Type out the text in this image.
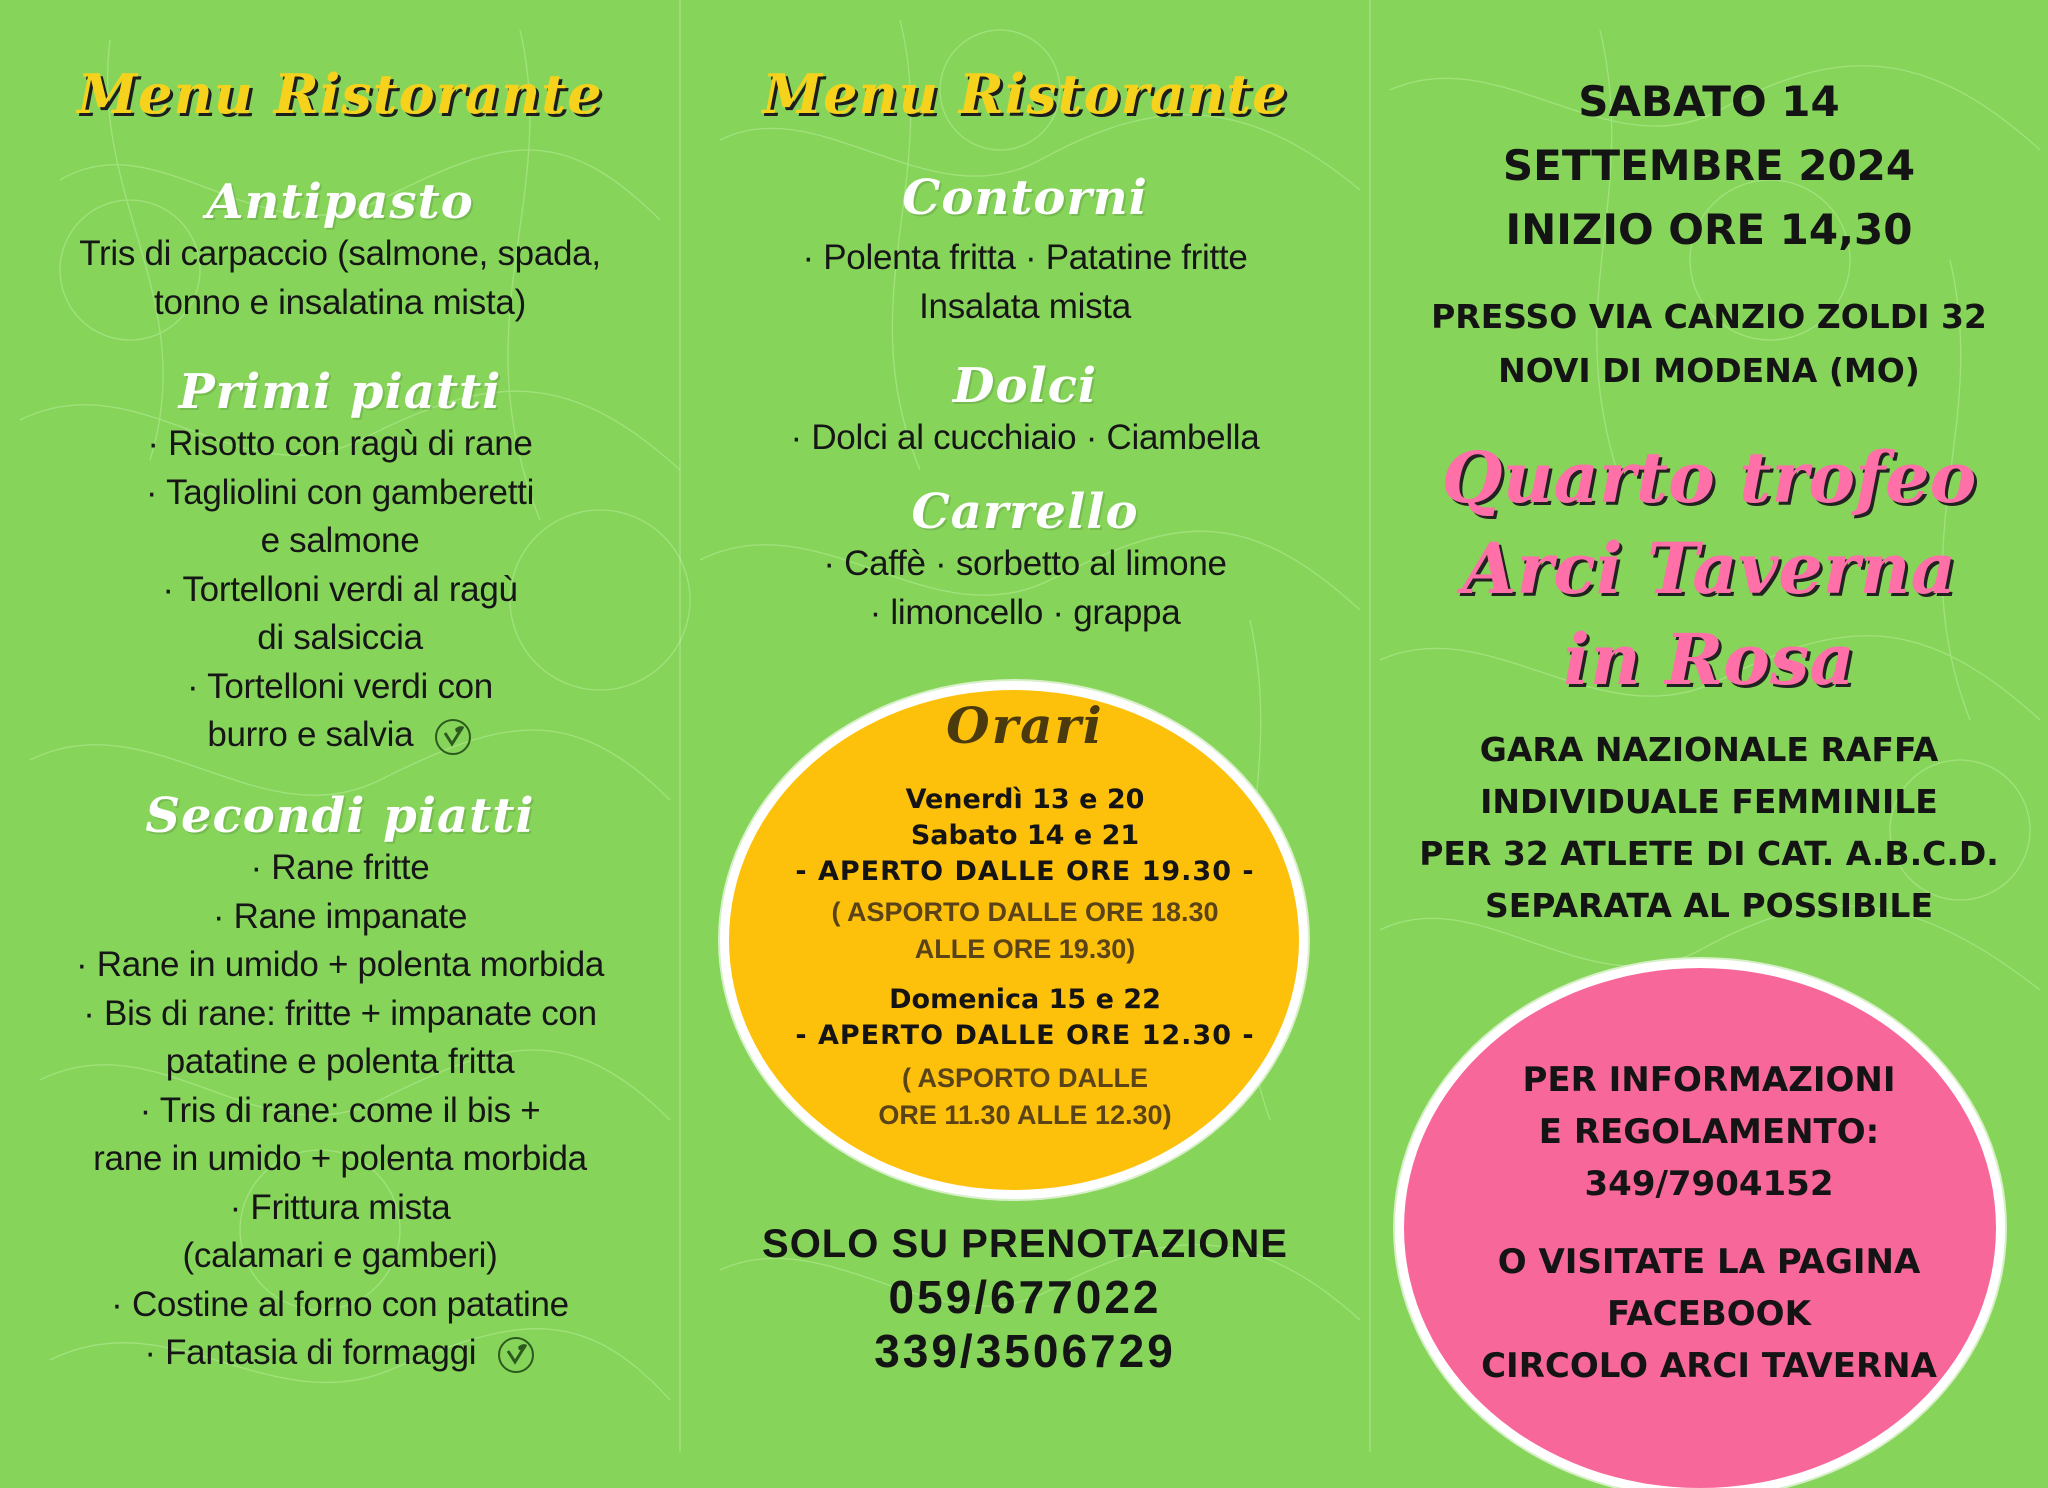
Menu Ristorante
Antipasto
Tris di carpaccio (salmone, spada,
tonno e insalatina mista)
Primi piatti
· Risotto con ragù di rane
· Tagliolini con gamberetti
e salmone
· Tortelloni verdi al ragù
di salsiccia
· Tortelloni verdi con
burro e salvia
Secondi piatti
· Rane fritte
· Rane impanate
· Rane in umido + polenta morbida
· Bis di rane: fritte + impanate con
patatine e polenta fritta
· Tris di rane: come il bis +
rane in umido + polenta morbida
· Frittura mista
(calamari e gamberi)
· Costine al forno con patatine
· Fantasia di formaggi
Menu Ristorante
Contorni
· Polenta fritta · Patatine fritte
Insalata mista
Dolci
· Dolci al cucchiaio · Ciambella
Carrello
· Caffè · sorbetto al limone
· limoncello · grappa
Orari
Venerdì 13 e 20
Sabato 14 e 21
- APERTO DALLE ORE 19.30 -
( ASPORTO DALLE ORE 18.30
ALLE ORE 19.30)
Domenica 15 e 22
- APERTO DALLE ORE 12.30 -
( ASPORTO DALLE
ORE 11.30 ALLE 12.30)
SOLO SU PRENOTAZIONE
059/677022
339/3506729
SABATO 14
SETTEMBRE 2024
INIZIO ORE 14,30
PRESSO VIA CANZIO ZOLDI 32
NOVI DI MODENA (MO)
Quarto trofeo
Arci Taverna
in Rosa
GARA NAZIONALE RAFFA
INDIVIDUALE FEMMINILE
PER 32 ATLETE DI CAT. A.B.C.D.
SEPARATA AL POSSIBILE
PER INFORMAZIONI
E REGOLAMENTO:
349/7904152
O VISITATE LA PAGINA
FACEBOOK
CIRCOLO ARCI TAVERNA
